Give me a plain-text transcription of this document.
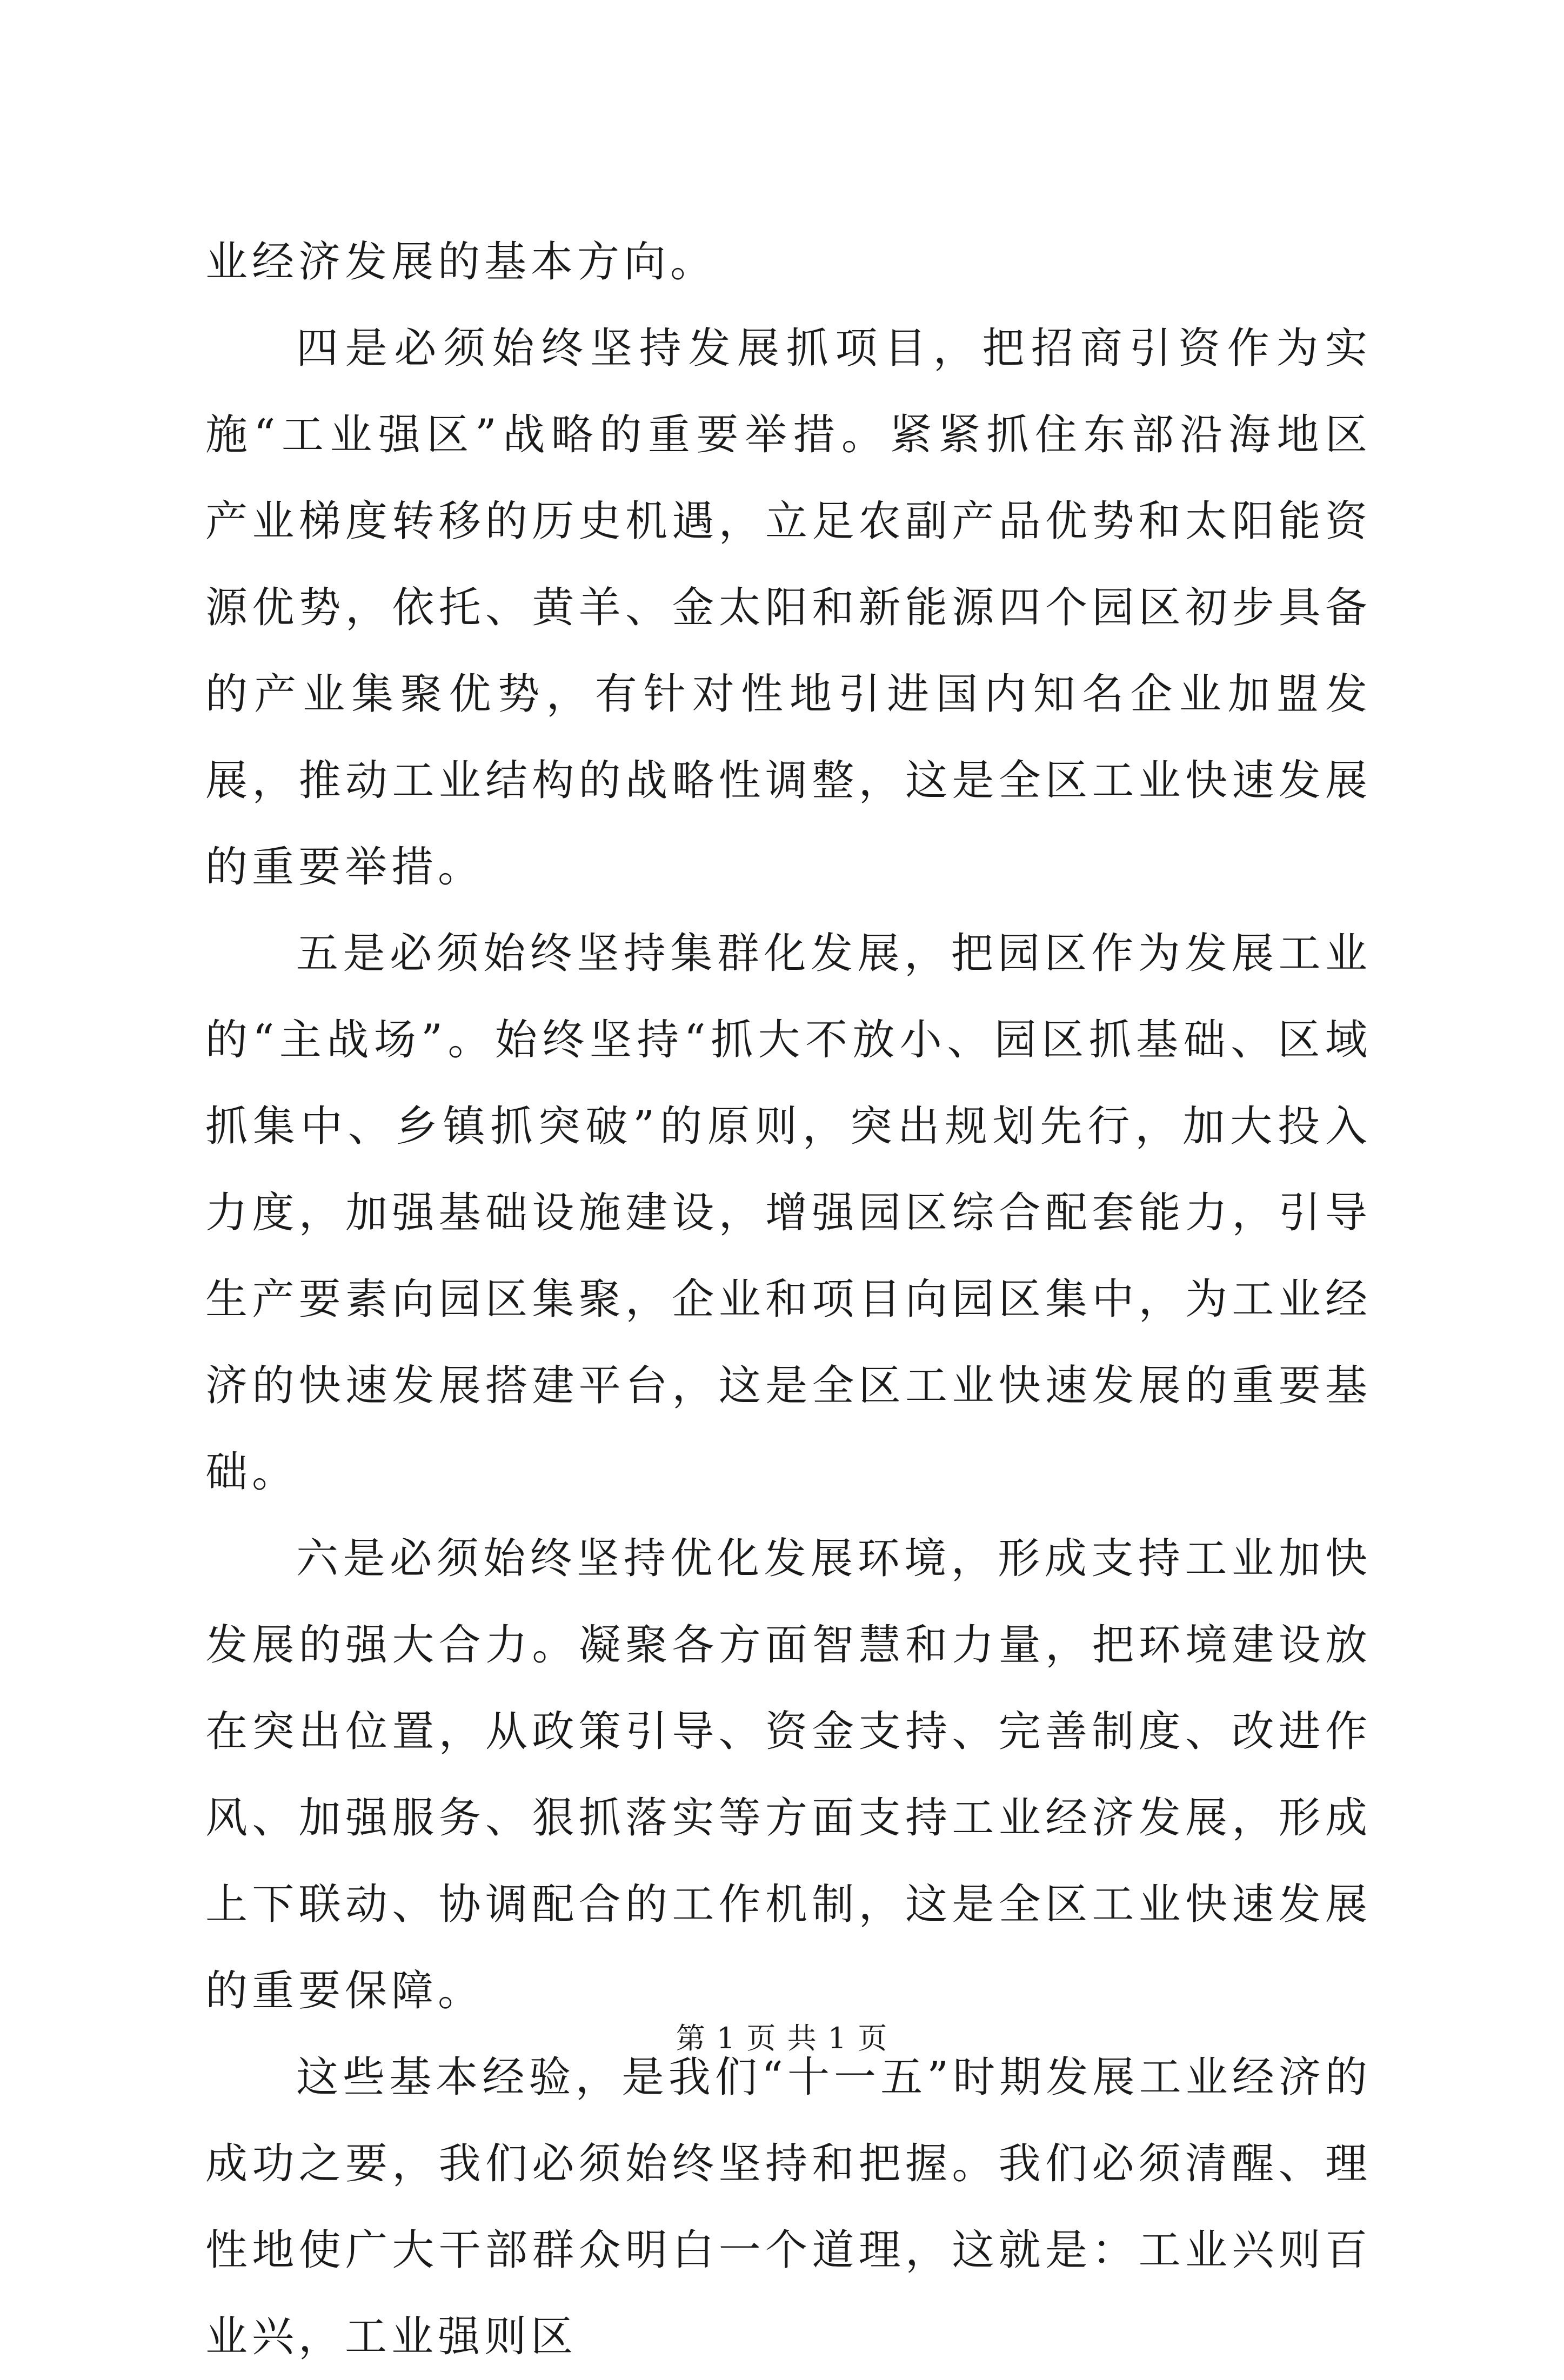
业经济发展的基本方向。

四是必须始终坚持发展抓项目，把招商引资作为实施“工业强区”战略的重要举措。紧紧抓住东部沿海地区产业梯度转移的历史机遇，立足农副产品优势和太阳能资源优势，依托、黄羊、金太阳和新能源四个园区初步具备的产业集聚优势，有针对性地引进国内知名企业加盟发展，推动工业结构的战略性调整，这是全区工业快速发展的重要举措。

五是必须始终坚持集群化发展，把园区作为发展工业的“主战场”。始终坚持“抓大不放小、园区抓基础、区域抓集中、乡镇抓突破”的原则，突出规划先行，加大投入力度，加强基础设施建设，增强园区综合配套能力，引导生产要素向园区集聚，企业和项目向园区集中，为工业经济的快速发展搭建平台，这是全区工业快速发展的重要基础。

六是必须始终坚持优化发展环境，形成支持工业加快发展的强大合力。凝聚各方面智慧和力量，把环境建设放在突出位置，从政策引导、资金支持、完善制度、改进作风、加强服务、狠抓落实等方面支持工业经济发展，形成上下联动、协调配合的工作机制，这是全区工业快速发展的重要保障。

这些基本经验，是我们“十一五”时期发展工业经济的成功之要，我们必须始终坚持和把握。我们必须清醒、理性地使广大干部群众明白一个道理，这就是：工业兴则百业兴，工业强则区

第 1 页 共 1 页
